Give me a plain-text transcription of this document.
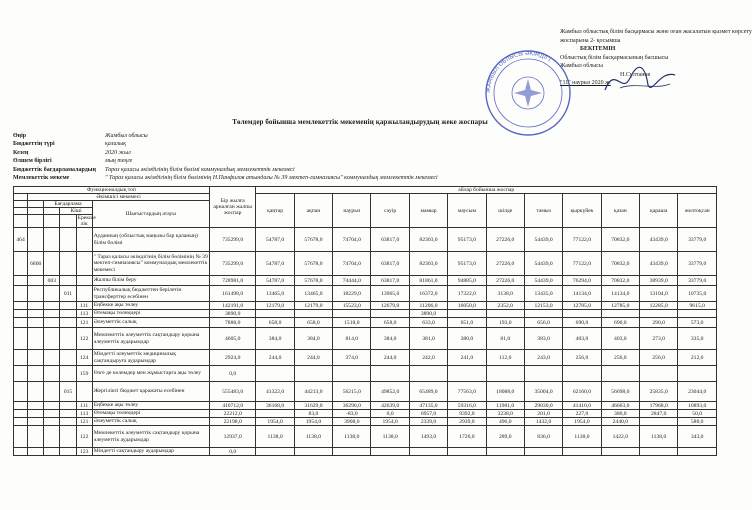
Жамбыл облыстық білім басқармасы және оған жасалатын қызмет көрсету
жоспарына 2- қосымша
БЕКІТЕМІН
Облыстық білім басқармасының басшысы
Жамбыл облысы
Н.Сұлтанов
"11" наурыз 2020 ж.
ЖАМБЫЛ ОБЛЫСЫ ӘКІМДІГІ
Төлемдер бойынша мемлекеттік мекеменің қаржыландырудың жеке жоспары
Өңір	Жамбыл облысы
Бюджеттің түрі	қалалық
Кезең	2020 жыл
Өлшем бірлігі	мың теңге
Бюджеттік бағдарламалардың	Тараз қаласы әкімдігінің білім бөлімі коммуналдық мемлекеттік мекемесі
Мемлекеттік мекеме	" Тараз қаласы әкімдігінің білім бөлімінің Н.Панфилов атындағы № 39 мектеп-гимназиясы" коммуналдық мемлекеттік мекемесі
Функционалдық топ						Бір жылға арналған жалпы жоспар	айлар бойынша жоспар											
	Әкімшісі мекемесі						қаңтар	ақпан	наурыз	сәуір	мамыр	маусым	шілде	тамыз	қыркүйек	қазан	қараша	желтоқсан
		Бағдарлама			Шығыстардың атауы													
			Кіші															
				Ерекше лік														
464					Ауданның (облыстық маңызы бар қаланың) білім бөлімі	735299,0	54787,0	57678,0	74704,0	63817,0	82303,0	95173,0	27226,0	54439,0	77122,0	70832,0	43439,0	33779,0
	6800				" Тараз қаласы әкімдігінің білім бөлімінің № 39 мектеп-гимназиясы" коммуналдық мемлекеттік мекемесі	735299,0	54787,0	57678,0	74704,0	63817,0	82303,0	95173,0	27226,0	54439,0	77122,0	70832,0	43439,0	33779,0
		003			Жалпы білім беру	728981,0	54787,0	57678,0	74444,0	63817,0	81861,0	94885,0	27226,0	54439,0	76294,0	70832,0	38939,0	33779,0
			011		Республикалық бюджеттен берілетін трансферттер есебінен	161498,0	13465,0	13465,0	18229,0	13965,0	16372,0	17322,0	3138,0	13435,0	14134,0	14134,0	13104,0	10735,0
				111	Еңбекке ақы төлеу	142191,0	12179,0	12179,0	15523,0	12679,0	11206,0	16050,0	2352,0	12153,0	12785,0	12785,0	12285,0	9615,0
				113	Өтемақы төлемдері	3890,0					3890,0							
				121	Әлеуметтік салық	7888,0	658,0	658,0	1518,0	658,0	633,0	651,0	193,0	656,0	690,0	690,0	290,0	573,0
				122	Мемлекеттік әлеуметтік сақтандыру қорына әлеуметтік аударымдар	4605,0	384,0	384,0	814,0	384,0	381,0	380,0	81,0	383,0	403,0	403,0	273,0	335,0
				124	Міндетті әлеуметтік медициналық сақтандыруға аударымдар	2924,0	244,0	244,0	374,0	244,0	242,0	241,0	112,0	243,0	256,0	256,0	256,0	212,0
				159	Өзге де көлемдер мен жұмыстарға ақы төлеу	0,0												
			015		Жергілікті бюджет қаражаты есебінен	555483,0	41322,0	44213,0	56215,0	49852,0	65489,0	77563,0	18088,0	35004,0	62160,0	56698,0	25835,0	23044,0
				111	Еңбекке ақы төлеу	410712,0	36168,0	31629,0	36290,0	42639,0	47135,0	59316,0	11981,0	29030,0	41410,0	46663,0	17968,0	10893,0
				113	Өтемақы төлемдері	22212,0		83,0	-83,0	0,0	6957,0	9392,0	3238,0	201,0	227,0	380,0	2847,0	50,0
				121	Әлеуметтік салық	22198,0	1954,0	1954,0	3908,0	1954,0	2339,0	2939,0	496,0	1432,0	1954,0	2440,0		588,0
				122	Мемлекеттік әлеуметтік сақтандыру қорына әлеуметтік аударымдар	12937,0	1138,0	1138,0	1138,0	1138,0	1493,0	1726,0	289,0	836,0	1138,0	1422,0	1138,0	343,0
				123	Міндетті сақтандыру аударымдар	0,0												
